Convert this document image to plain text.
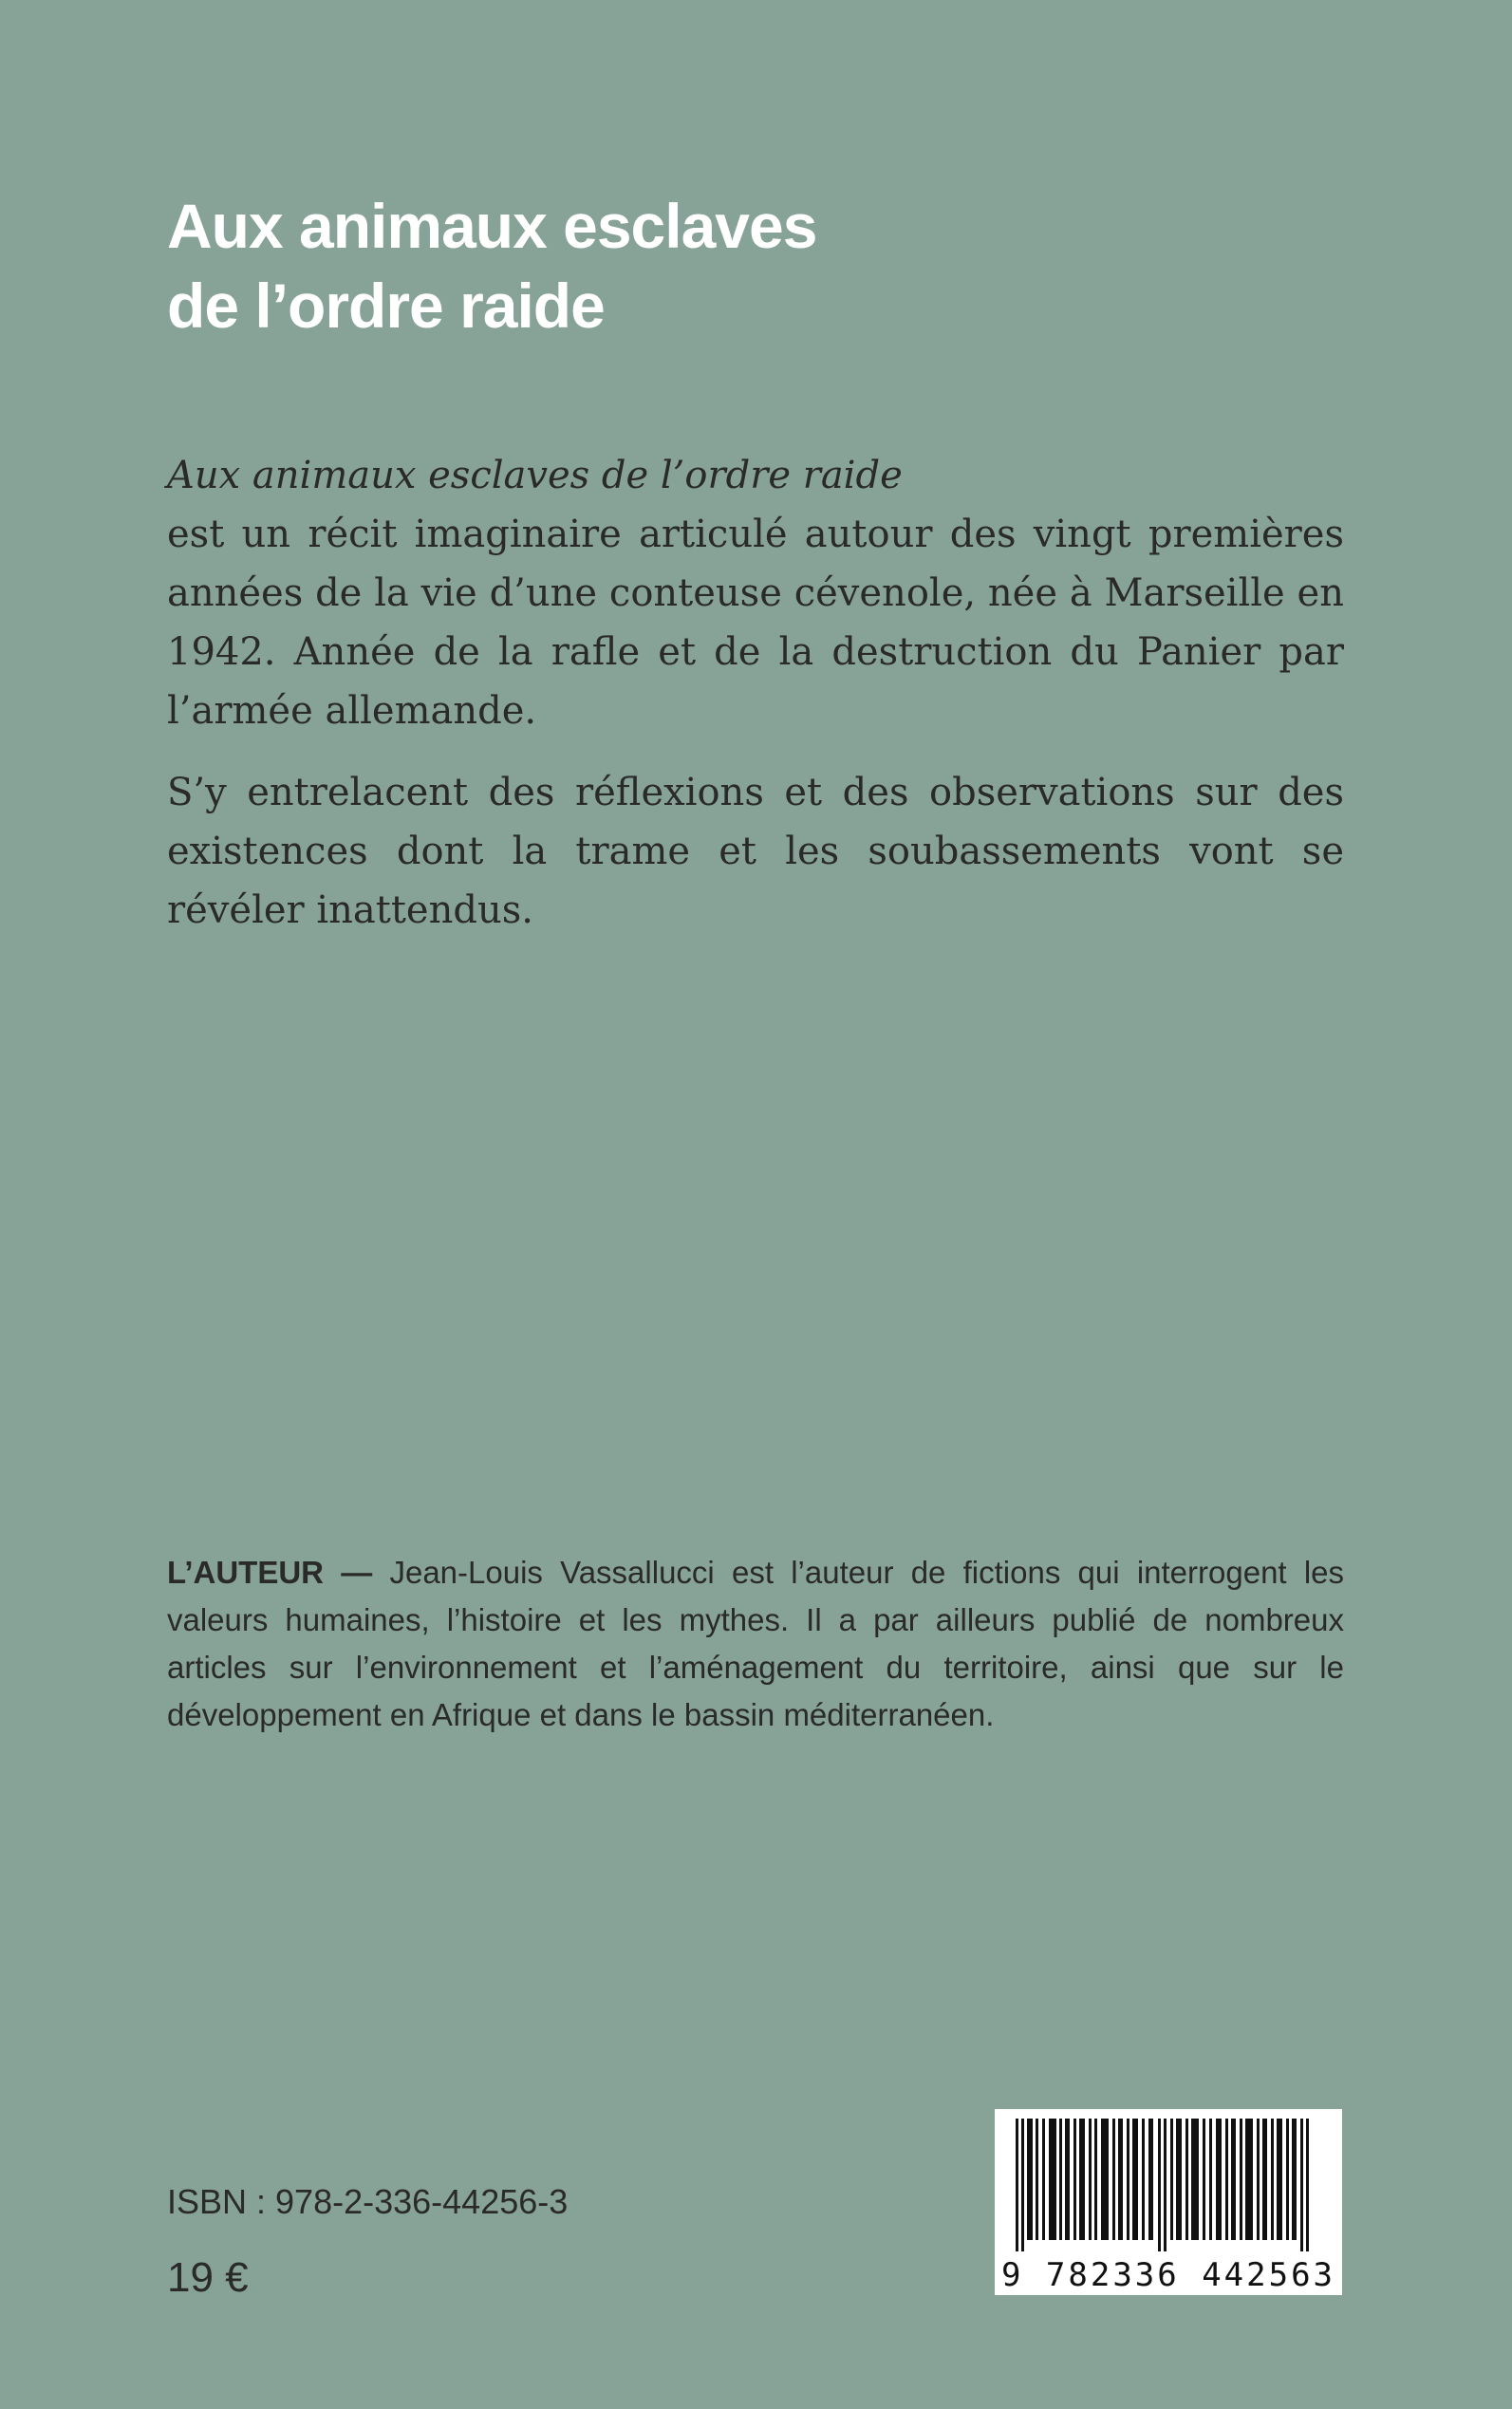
Aux animaux esclaves
de l’ordre raide

Aux animaux esclaves de l’ordre raide
est un récit imaginaire articulé autour des vingt premières années de la vie d’une conteuse cévenole, née à Marseille en 1942. Année de la rafle et de la destruction du Panier par l’armée allemande.

S’y entrelacent des réflexions et des observations sur des existences dont la trame et les soubassements vont se révéler inattendus.

L’AUTEUR — Jean-Louis Vassallucci est l’auteur de fictions qui interrogent les valeurs humaines, l’histoire et les mythes. Il a par ailleurs publié de nombreux articles sur l’environnement et l’aménagement du territoire, ainsi que sur le développement en Afrique et dans le bassin méditerranéen.

ISBN : 978-2-336-44256-3

19 €	9 782336 442563
